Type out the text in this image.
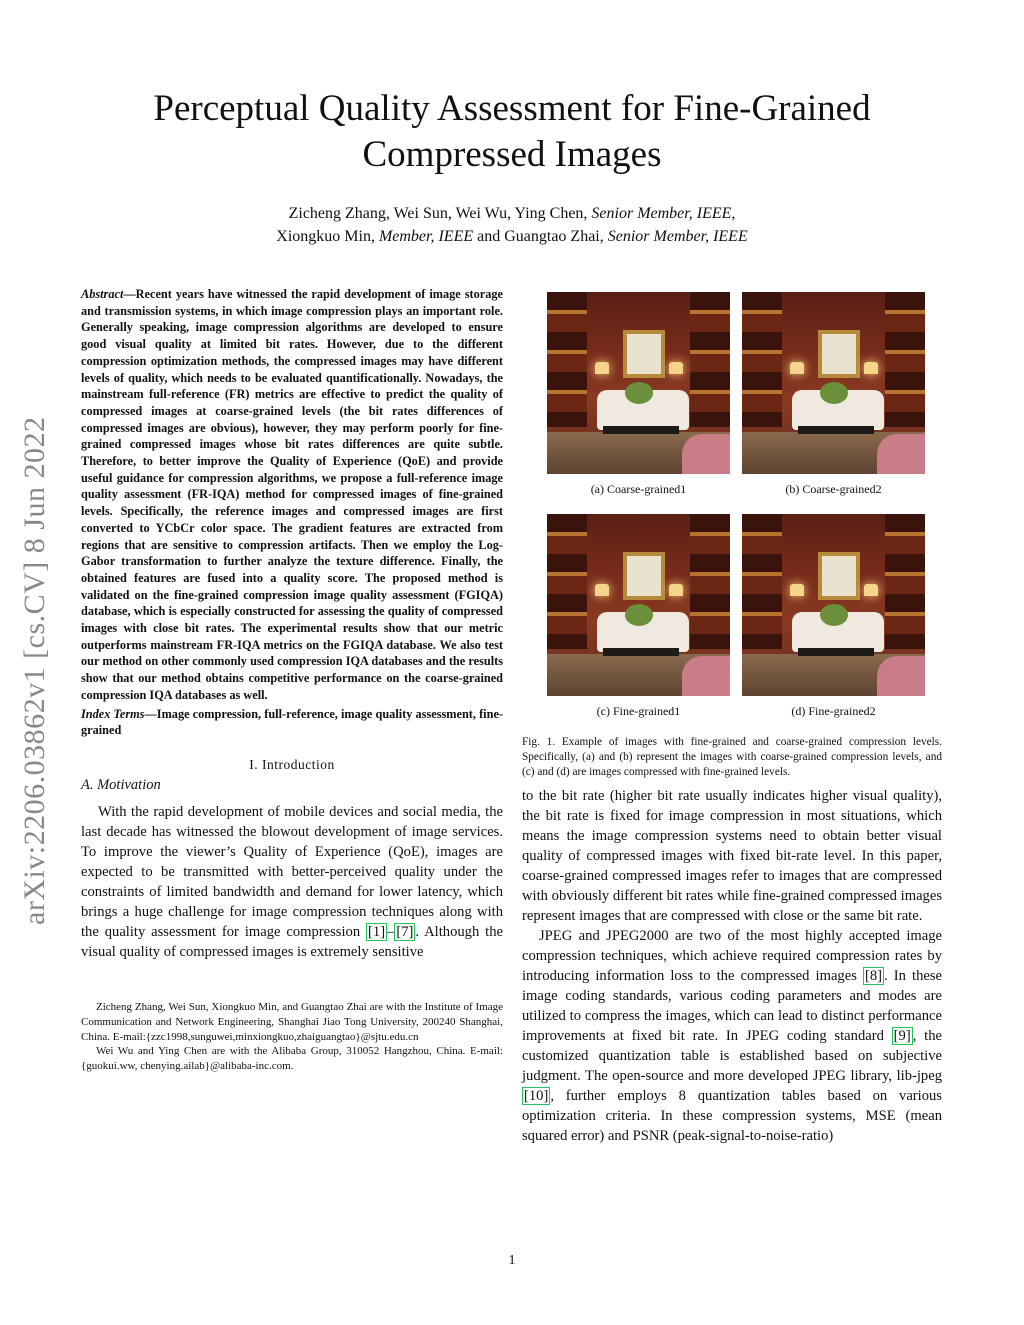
Perceptual Quality Assessment for Fine-Grained Compressed Images
Zicheng Zhang, Wei Sun, Wei Wu, Ying Chen, Senior Member, IEEE,
Xiongkuo Min, Member, IEEE and Guangtao Zhai, Senior Member, IEEE
arXiv:2206.03862v1 [cs.CV] 8 Jun 2022

Abstract—Recent years have witnessed the rapid development of image storage and transmission systems, in which image compression plays an important role. Generally speaking, image compression algorithms are developed to ensure good visual quality at limited bit rates. However, due to the different compression optimization methods, the compressed images may have different levels of quality, which needs to be evaluated quantificationally. Nowadays, the mainstream full-reference (FR) metrics are effective to predict the quality of compressed images at coarse-grained levels (the bit rates differences of compressed images are obvious), however, they may perform poorly for fine-grained compressed images whose bit rates differences are quite subtle. Therefore, to better improve the Quality of Experience (QoE) and provide useful guidance for compression algorithms, we propose a full-reference image quality assessment (FR-IQA) method for compressed images of fine-grained levels. Specifically, the reference images and compressed images are first converted to YCbCr color space. The gradient features are extracted from regions that are sensitive to compression artifacts. Then we employ the Log-Gabor transformation to further analyze the texture difference. Finally, the obtained features are fused into a quality score. The proposed method is validated on the fine-grained compression image quality assessment (FGIQA) database, which is especially constructed for assessing the quality of compressed images with close bit rates. The experimental results show that our metric outperforms mainstream FR-IQA metrics on the FGIQA database. We also test our method on other commonly used compression IQA databases and the results show that our method obtains competitive performance on the coarse-grained compression IQA databases as well.

Index Terms—Image compression, full-reference, image quality assessment, fine-grained

I. Introduction
A. Motivation

With the rapid development of mobile devices and social media, the last decade has witnessed the blowout development of image services. To improve the viewer’s Quality of Experience (QoE), images are expected to be transmitted with better-perceived quality under the constraints of limited bandwidth and demand for lower latency, which brings a huge challenge for image compression techniques along with the quality assessment for image compression [1] – [7] . Although the visual quality of compressed images is extremely sensitive

Zicheng Zhang, Wei Sun, Xiongkuo Min, and Guangtao Zhai are with the Institute of Image Communication and Network Engineering, Shanghai Jiao Tong University, 200240 Shanghai, China. E-mail:{zzc1998,sunguwei,minxiongkuo,zhaiguangtao}@sjtu.edu.cn

Wei Wu and Ying Chen are with the Alibaba Group, 310052 Hangzhou, China. E-mail: {guokui.ww, chenying.ailab}@alibaba-inc.com.

(a) Coarse-grained1	(b) Coarse-grained2
(c) Fine-grained1	(d) Fine-grained2

Fig. 1. Example of images with fine-grained and coarse-grained compression levels. Specifically, (a) and (b) represent the images with coarse-grained compression levels, and (c) and (d) are images compressed with fine-grained levels.

to the bit rate (higher bit rate usually indicates higher visual quality), the bit rate is fixed for image compression in most situations, which means the image compression systems need to obtain better visual quality of compressed images with fixed bit-rate level. In this paper, coarse-grained compressed images refer to images that are compressed with obviously different bit rates while fine-grained compressed images represent images that are compressed with close or the same bit rate.

JPEG and JPEG2000 are two of the most highly accepted image compression techniques, which achieve required compression rates by introducing information loss to the compressed images [8] . In these image coding standards, various coding parameters and modes are utilized to compress the images, which can lead to distinct performance improvements at fixed bit rate. In JPEG coding standard [9] , the customized quantization table is established based on subjective judgment. The open-source and more developed JPEG library, lib-jpeg [10] , further employs 8 quantization tables based on various optimization criteria. In these compression systems, MSE (mean squared error) and PSNR (peak-signal-to-noise-ratio)

1
